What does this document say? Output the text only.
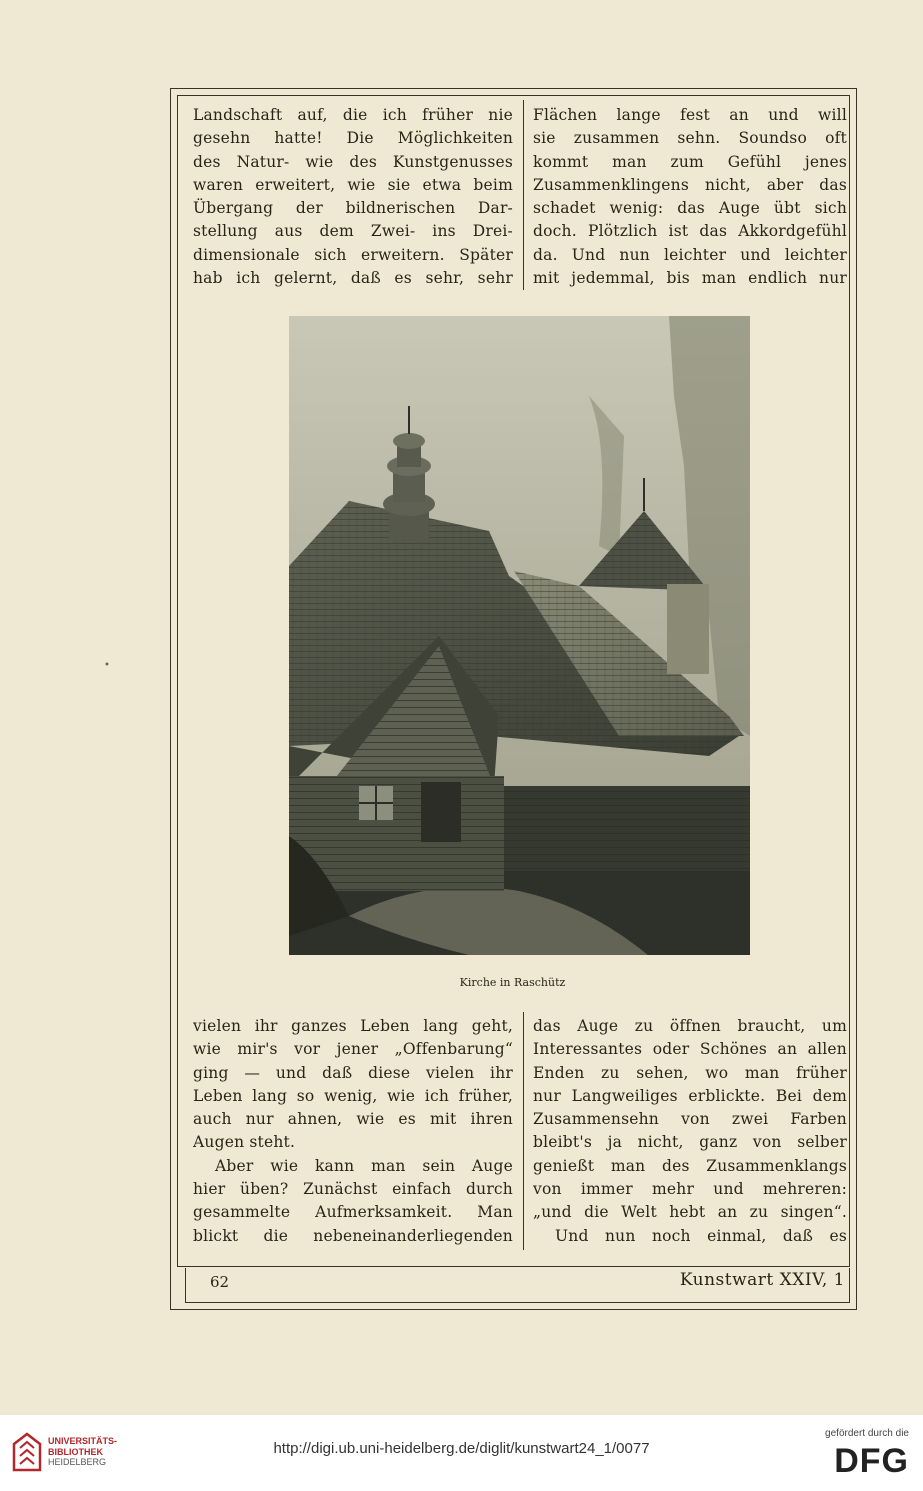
Landschaft auf, die ich früher nie
gesehn hatte! Die Möglichkeiten
des Natur- wie des Kunstgenusses
waren erweitert, wie sie etwa beim
Übergang der bildnerischen Dar-
stellung aus dem Zwei- ins Drei-
dimensionale sich erweitern. Später
hab ich gelernt, daß es sehr, sehr
Flächen lange fest an und will
sie zusammen sehn. Soundso oft
kommt man zum Gefühl jenes
Zusammenklingens nicht, aber das
schadet wenig: das Auge übt sich
doch. Plötzlich ist das Akkordgefühl
da. Und nun leichter und leichter
mit jedemmal, bis man endlich nur
Kirche in Raschütz
vielen ihr ganzes Leben lang geht,
wie mir's vor jener „Offenbarung“
ging — und daß diese vielen ihr
Leben lang so wenig, wie ich früher,
auch nur ahnen, wie es mit ihren
Augen steht.
Aber wie kann man sein Auge
hier üben? Zunächst einfach durch
gesammelte Aufmerksamkeit. Man
blickt die nebeneinanderliegenden
das Auge zu öffnen braucht, um
Interessantes oder Schönes an allen
Enden zu sehen, wo man früher
nur Langweiliges erblickte. Bei dem
Zusammensehn von zwei Farben
bleibt's ja nicht, ganz von selber
genießt man des Zusammenklangs
von immer mehr und mehreren:
„und die Welt hebt an zu singen“.
Und nun noch einmal, daß es
62	Kunstwart XXIV, 1
•
UNIVERSITÄTS-
BIBLIOTHEK
HEIDELBERG
http://digi.ub.uni-heidelberg.de/diglit/kunstwart24_1/0077
gefördert durch die
DFG
